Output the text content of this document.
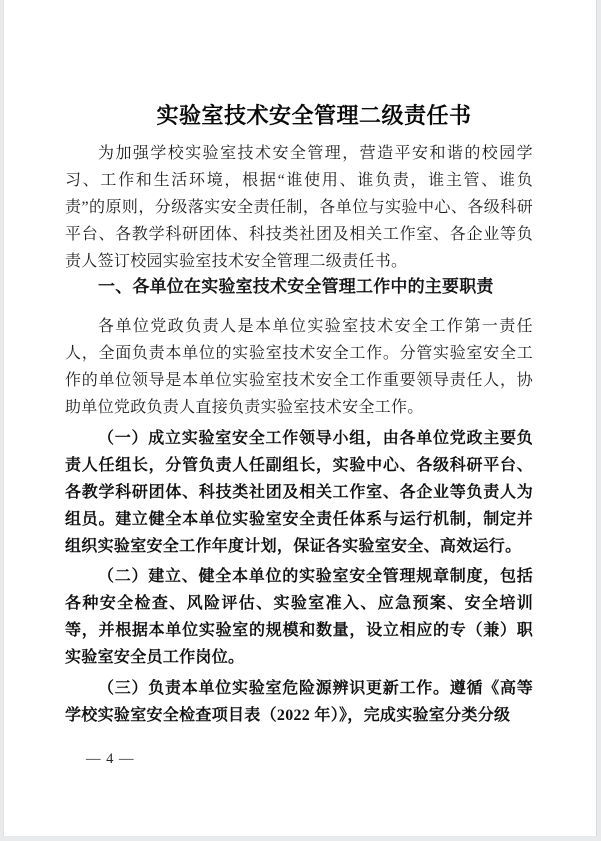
实验室技术安全管理二级责任书

为加强学校实验室技术安全管理，营造平安和谐的校园学习、工作和生活环境，根据“谁使用、谁负责，谁主管、谁负责”的原则，分级落实安全责任制，各单位与实验中心、各级科研平台、各教学科研团体、科技类社团及相关工作室、各企业等负责人签订校园实验室技术安全管理二级责任书。

一、各单位在实验室技术安全管理工作中的主要职责

各单位党政负责人是本单位实验室技术安全工作第一责任人，全面负责本单位的实验室技术安全工作。分管实验室安全工作的单位领导是本单位实验室技术安全工作重要领导责任人，协助单位党政负责人直接负责实验室技术安全工作。

（一）成立实验室安全工作领导小组，由各单位党政主要负责人任组长，分管负责人任副组长，实验中心、各级科研平台、各教学科研团体、科技类社团及相关工作室、各企业等负责人为组员。建立健全本单位实验室安全责任体系与运行机制，制定并组织实验室安全工作年度计划，保证各实验室安全、高效运行。

（二）建立、健全本单位的实验室安全管理规章制度，包括各种安全检查、风险评估、实验室准入、应急预案、安全培训等，并根据本单位实验室的规模和数量，设立相应的专（兼）职实验室安全员工作岗位。

（三）负责本单位实验室危险源辨识更新工作。遵循《高等学校实验室安全检查项目表（2022 年）》，完成实验室分类分级

— 4 —
